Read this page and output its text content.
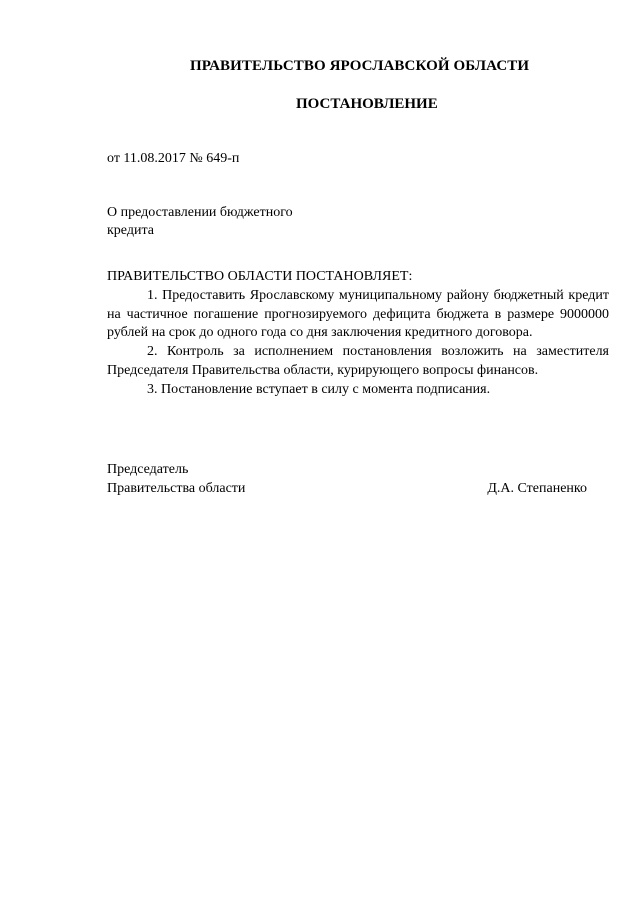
ПРАВИТЕЛЬСТВО ЯРОСЛАВСКОЙ ОБЛАСТИ
ПОСТАНОВЛЕНИЕ
от 11.08.2017 № 649-п
О предоставлении бюджетного
кредита
ПРАВИТЕЛЬСТВО ОБЛАСТИ ПОСТАНОВЛЯЕТ:

1. Предоставить Ярославскому муниципальному району бюджетный кредит на частичное погашение прогнозируемого дефицита бюджета в размере 9000000 рублей на срок до одного года со дня заключения кредитного договора.

2. Контроль за исполнением постановления возложить на заместителя Председателя Правительства области, курирующего вопросы финансов.

3. Постановление вступает в силу с момента подписания.

Председатель
Правительства области	Д.А. Степаненко
